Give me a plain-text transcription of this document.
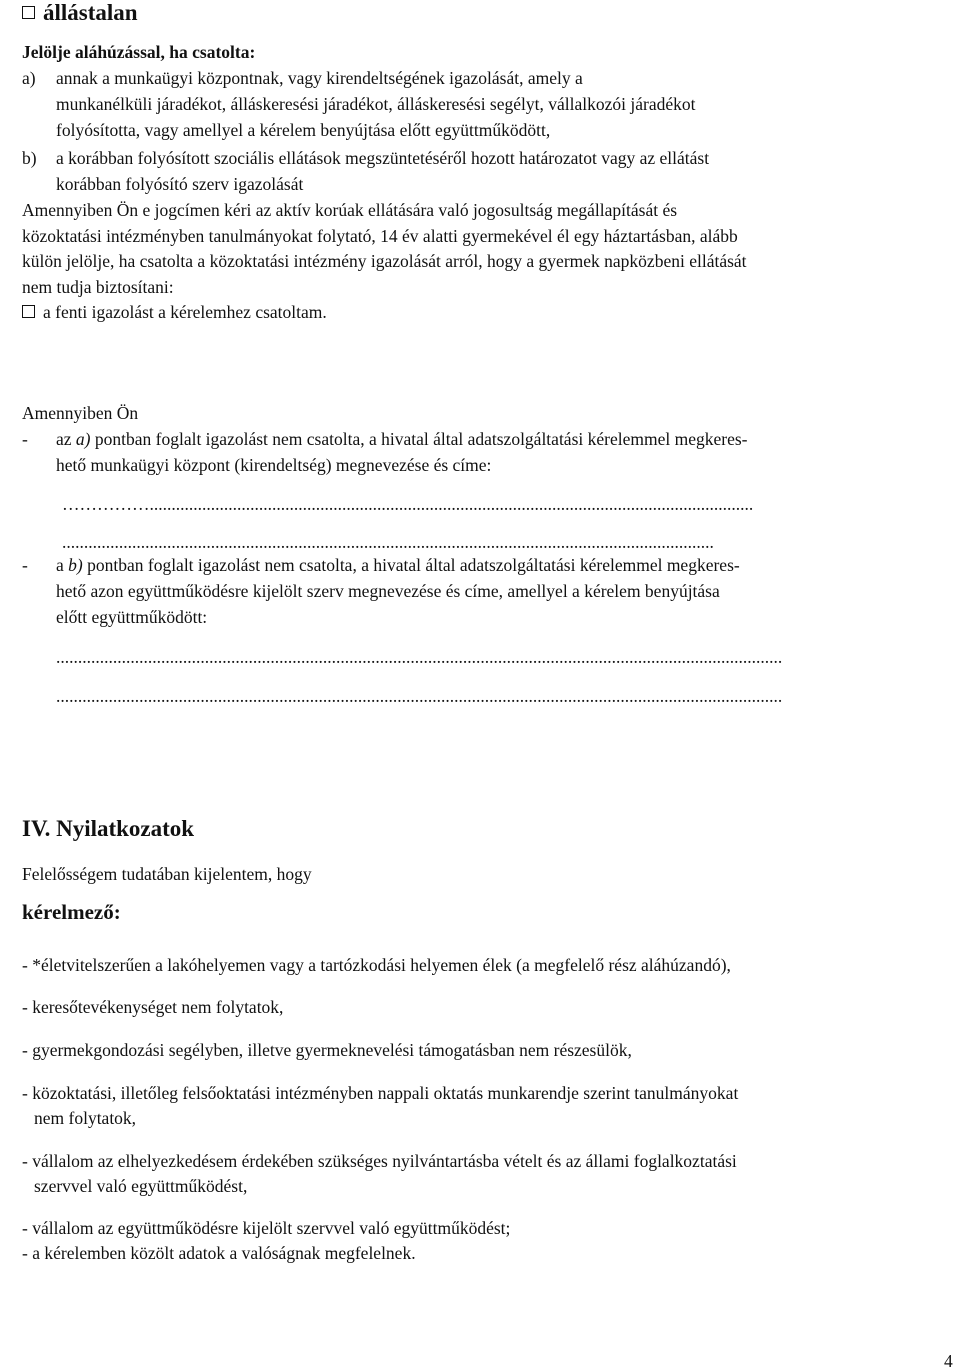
állástalan
Jelölje aláhúzással, ha csatolta:
a) annak a munkaügyi központnak, vagy kirendeltségének igazolását, amely a
munkanélküli járadékot, álláskeresési járadékot, álláskeresési segélyt, vállalkozói járadékot
folyósította, vagy amellyel a kérelem benyújtása előtt együttműködött,
b) a korábban folyósított szociális ellátások megszüntetéséről hozott határozatot vagy az ellátást
korábban folyósító szerv igazolását
Amennyiben Ön e jogcímen kéri az aktív korúak ellátására való jogosultság megállapítását és
közoktatási intézményben tanulmányokat folytató, 14 év alatti gyermekével él egy háztartásban, alább
külön jelölje, ha csatolta a közoktatási intézmény igazolását arról, hogy a gyermek napközbeni ellátását
nem tudja biztosítani:
a fenti igazolást a kérelemhez csatoltam.
Amennyiben Ön
- az a) pontban foglalt igazolást nem csatolta, a hivatal által adatszolgáltatási kérelemmel megkeres-
hető munkaügyi központ (kirendeltség) megnevezése és címe:
……………..........................................................................................................................................
.....................................................................................................................................................
- a b) pontban foglalt igazolást nem csatolta, a hivatal által adatszolgáltatási kérelemmel megkeres-
hető azon együttműködésre kijelölt szerv megnevezése és címe, amellyel a kérelem benyújtása
előtt együttműködött:
......................................................................................................................................................................
......................................................................................................................................................................
IV. Nyilatkozatok
Felelősségem tudatában kijelentem, hogy
kérelmező:
- *életvitelszerűen a lakóhelyemen vagy a tartózkodási helyemen élek (a megfelelő rész aláhúzandó),
- keresőtevékenységet nem folytatok,
- gyermekgondozási segélyben, illetve gyermeknevelési támogatásban nem részesülök,
- közoktatási, illetőleg felsőoktatási intézményben nappali oktatás munkarendje szerint tanulmányokat
nem folytatok,
- vállalom az elhelyezkedésem érdekében szükséges nyilvántartásba vételt és az állami foglalkoztatási
szervvel való együttműködést,
- vállalom az együttműködésre kijelölt szervvel való együttműködést;
- a kérelemben közölt adatok a valóságnak megfelelnek.
4
